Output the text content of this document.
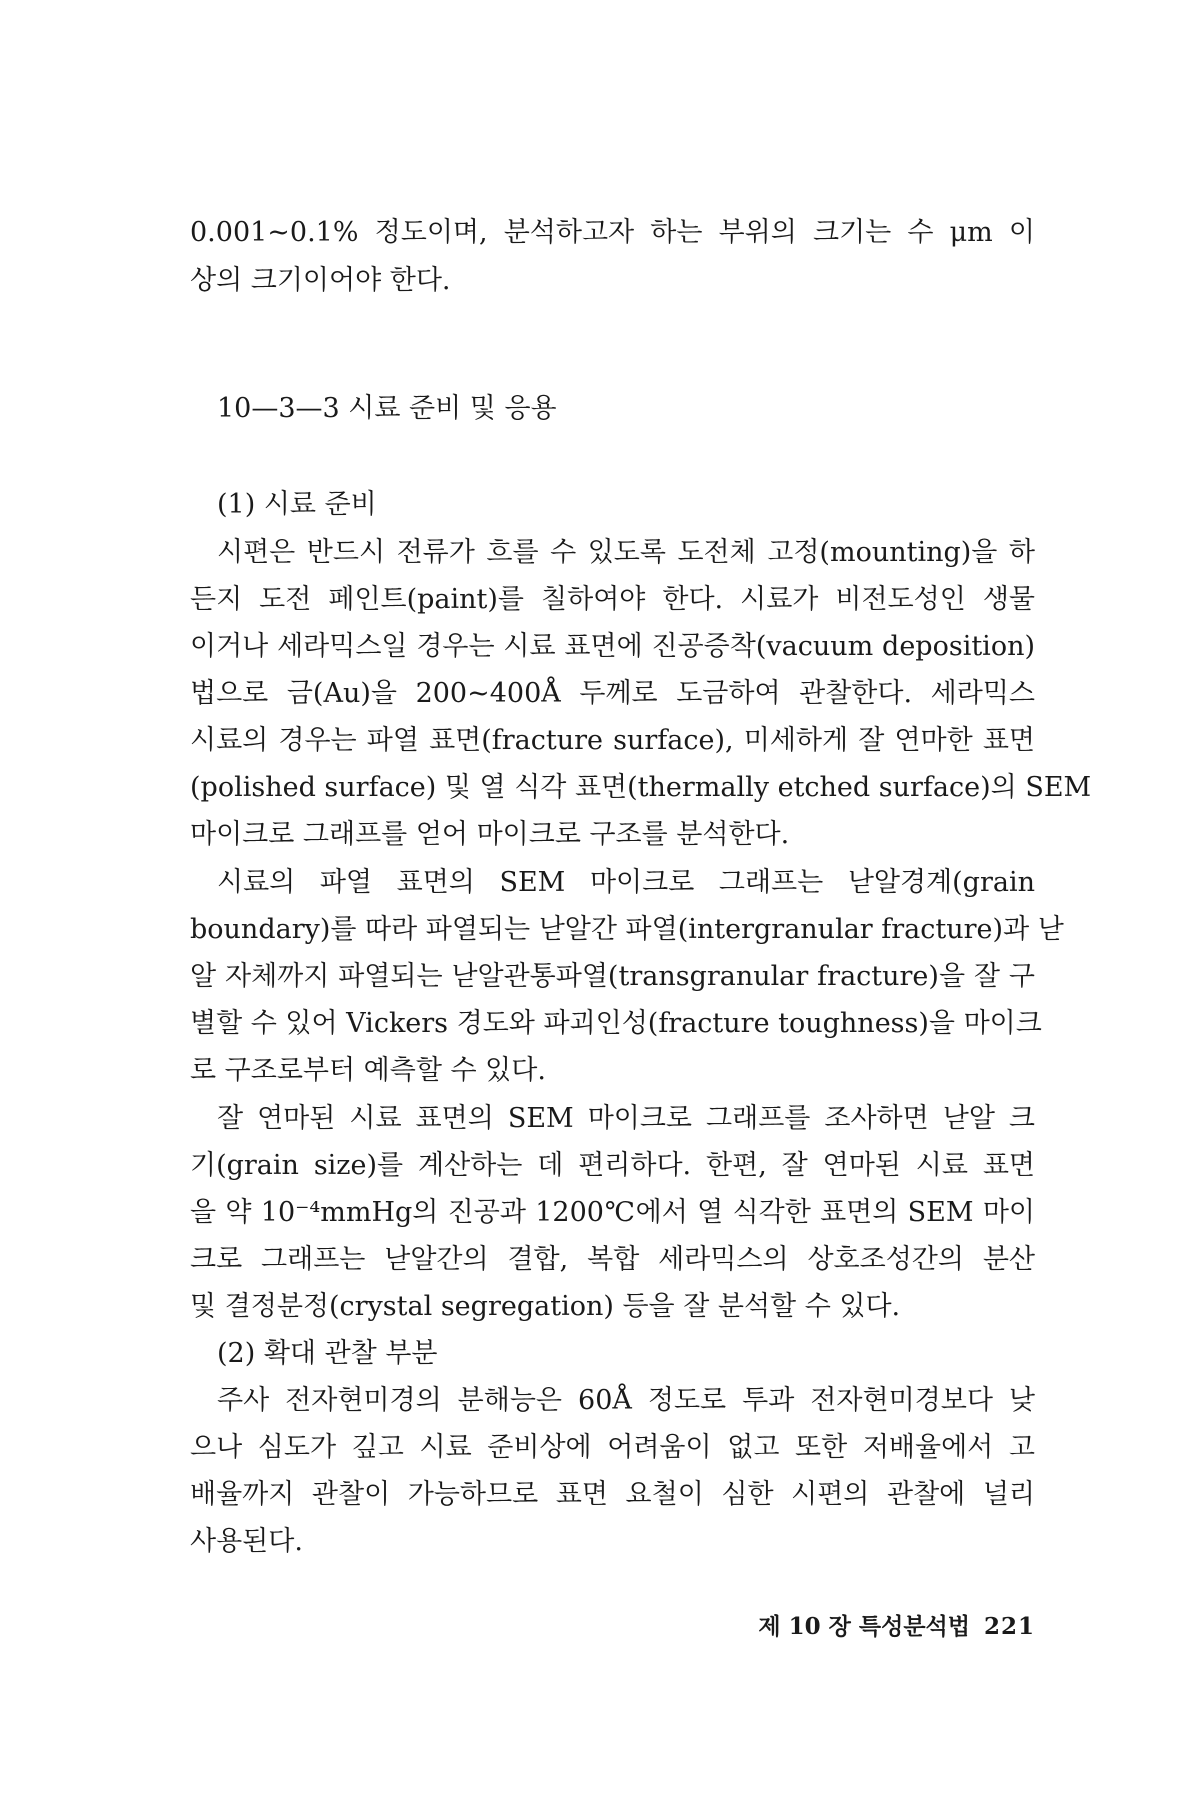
0.001~0.1% 정도이며, 분석하고자 하는 부위의 크기는 수 μm 이
상의 크기이어야 한다.
10—3—3 시료 준비 및 응용
(1) 시료 준비
시편은 반드시 전류가 흐를 수 있도록 도전체 고정(mounting)을 하
든지 도전 페인트(paint)를 칠하여야 한다. 시료가 비전도성인 생물
이거나 세라믹스일 경우는 시료 표면에 진공증착(vacuum deposition)
법으로 금(Au)을 200~400Å 두께로 도금하여 관찰한다. 세라믹스
시료의 경우는 파열 표면(fracture surface), 미세하게 잘 연마한 표면
(polished surface) 및 열 식각 표면(thermally etched surface)의 SEM
마이크로 그래프를 얻어 마이크로 구조를 분석한다.
시료의 파열 표면의 SEM 마이크로 그래프는 낟알경계(grain
boundary)를 따라 파열되는 낟알간 파열(intergranular fracture)과 낟
알 자체까지 파열되는 낟알관통파열(transgranular fracture)을 잘 구
별할 수 있어 Vickers 경도와 파괴인성(fracture toughness)을 마이크
로 구조로부터 예측할 수 있다.
잘 연마된 시료 표면의 SEM 마이크로 그래프를 조사하면 낟알 크
기(grain size)를 계산하는 데 편리하다. 한편, 잘 연마된 시료 표면
을 약 10⁻⁴mmHg의 진공과 1200℃에서 열 식각한 표면의 SEM 마이
크로 그래프는 낟알간의 결합, 복합 세라믹스의 상호조성간의 분산
및 결정분정(crystal segregation) 등을 잘 분석할 수 있다.
(2) 확대 관찰 부분
주사 전자현미경의 분해능은 60Å 정도로 투과 전자현미경보다 낮
으나 심도가 깊고 시료 준비상에 어려움이 없고 또한 저배율에서 고
배율까지 관찰이 가능하므로 표면 요철이 심한 시편의 관찰에 널리
사용된다.
제 10 장 특성분석법 221
